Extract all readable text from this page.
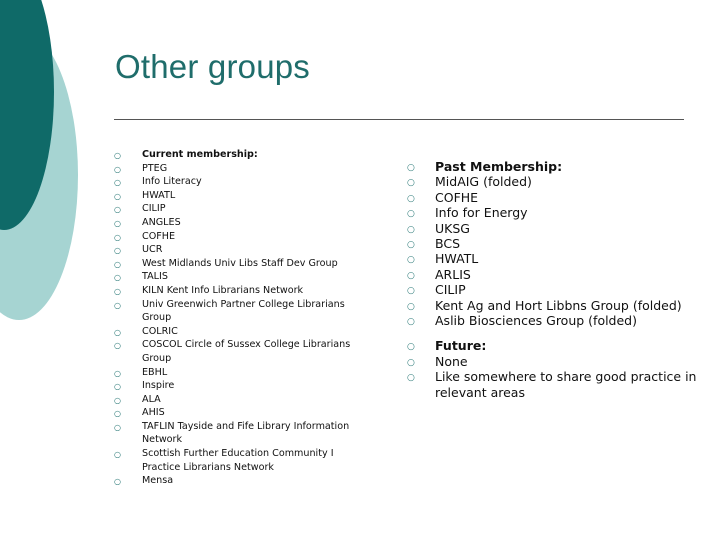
Other groups
○ Current membership:
○ PTEG
○ Info Literacy
○ HWATL
○ CILIP
○ ANGLES
○ COFHE
○ UCR
○ West Midlands Univ Libs Staff Dev Group
○ TALIS
○ KILN Kent Info Librarians Network
○ Univ Greenwich Partner College Librarians Group
○ COLRIC
○ COSCOL Circle of Sussex College Librarians Group
○ EBHL
○ Inspire
○ ALA
○ AHIS
○ TAFLIN Tayside and Fife Library Information Network
○ Scottish Further Education Community I Practice Librarians Network
○ Mensa
○ Past Membership:
○ MidAIG (folded)
○ COFHE
○ Info for Energy
○ UKSG
○ BCS
○ HWATL
○ ARLIS
○ CILIP
○ Kent Ag and Hort Libbns Group (folded)
○ Aslib Biosciences Group (folded)
○ Future:
○ None
○ Like somewhere to share good practice in relevant areas
